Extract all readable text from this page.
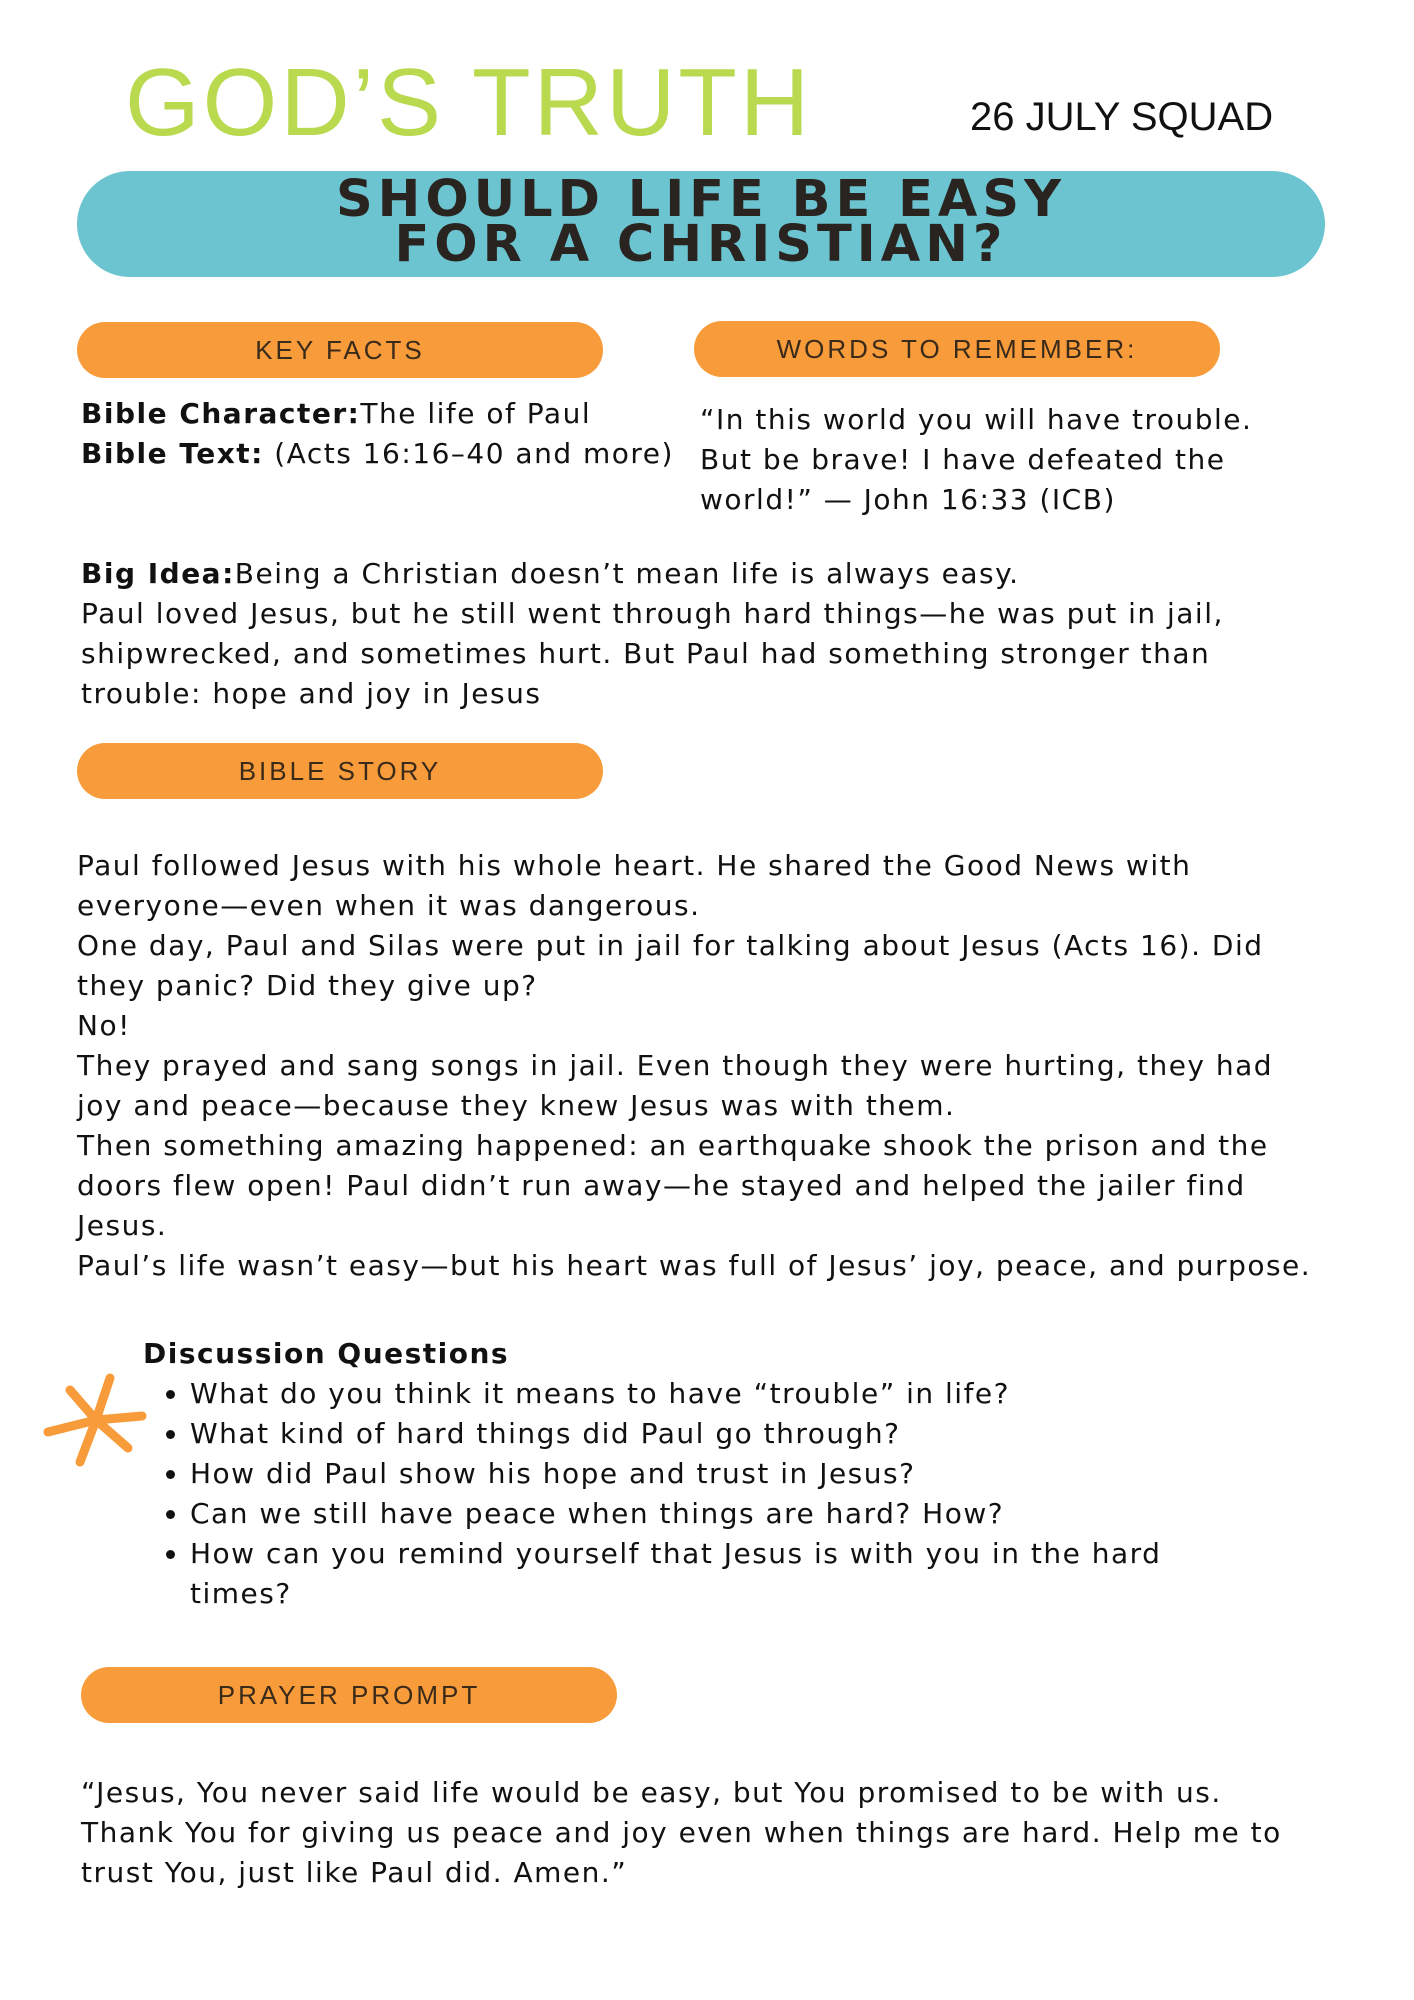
GOD’S TRUTH	26 JULY SQUAD
SHOULD LIFE BE EASY
FOR A CHRISTIAN?
KEY FACTS	WORDS TO REMEMBER:
Bible Character:The life of Paul
Bible Text: (Acts 16:16–40 and more)
“In this world you will have trouble.
But be brave! I have defeated the
world!” — John 16:33 (ICB)
Big Idea:Being a Christian doesn’t mean life is always easy.
Paul loved Jesus, but he still went through hard things—he was put in jail,
shipwrecked, and sometimes hurt. But Paul had something stronger than
trouble: hope and joy in Jesus
BIBLE STORY
Paul followed Jesus with his whole heart. He shared the Good News with
everyone—even when it was dangerous.
One day, Paul and Silas were put in jail for talking about Jesus (Acts 16). Did
they panic? Did they give up?
No!
They prayed and sang songs in jail. Even though they were hurting, they had
joy and peace—because they knew Jesus was with them.
Then something amazing happened: an earthquake shook the prison and the
doors flew open! Paul didn’t run away—he stayed and helped the jailer find
Jesus.
Paul’s life wasn’t easy—but his heart was full of Jesus’ joy, peace, and purpose.
Discussion Questions
• What do you think it means to have “trouble” in life?
• What kind of hard things did Paul go through?
• How did Paul show his hope and trust in Jesus?
• Can we still have peace when things are hard? How?
• How can you remind yourself that Jesus is with you in the hard
times?
PRAYER PROMPT
“Jesus, You never said life would be easy, but You promised to be with us.
Thank You for giving us peace and joy even when things are hard. Help me to
trust You, just like Paul did. Amen.”
